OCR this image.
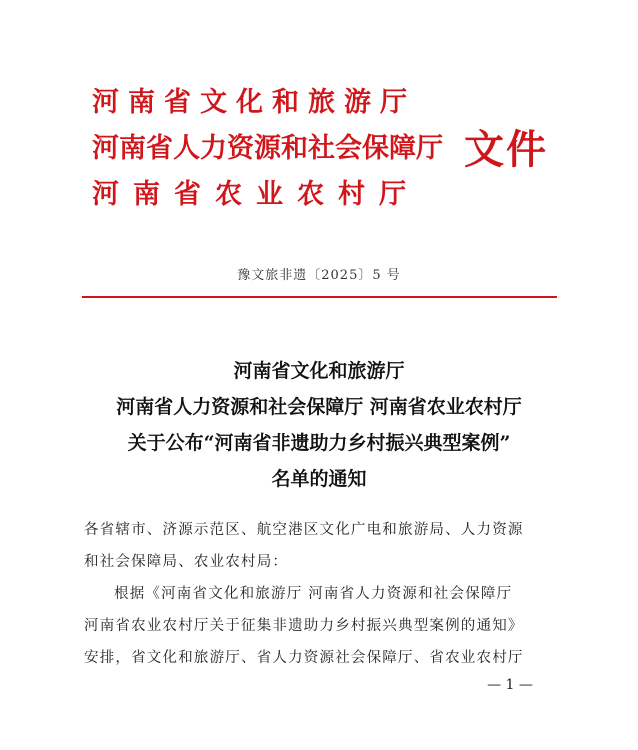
河南省文化和旅游厅
河南省人力资源和社会保障厅
河南省农业农村厅
文件
豫文旅非遗〔2025〕5 号
河南省文化和旅游厅
河南省人力资源和社会保障厅 河南省农业农村厅
关于公布“河南省非遗助力乡村振兴典型案例”
名单的通知
各省辖市、济源示范区、航空港区文化广电和旅游局、人力资源
和社会保障局、农业农村局：
根据《河南省文化和旅游厅 河南省人力资源和社会保障厅
河南省农业农村厅关于征集非遗助力乡村振兴典型案例的通知》
安排，省文化和旅游厅、省人力资源社会保障厅、省农业农村厅
— 1 —
